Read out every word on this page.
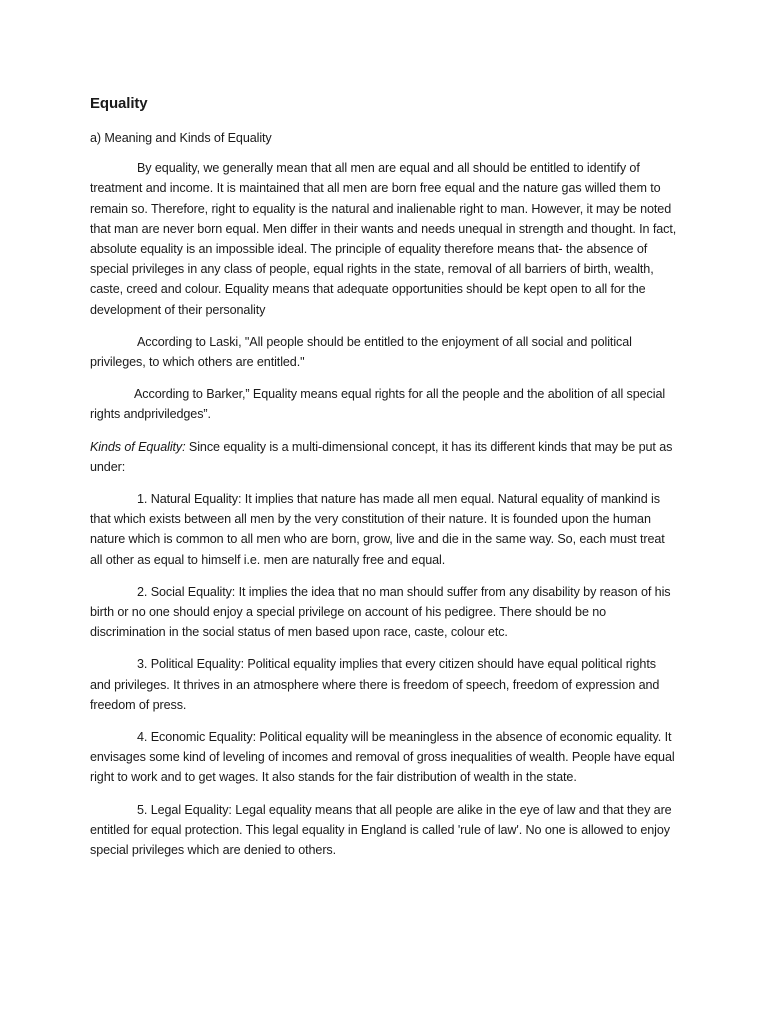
Equality
a) Meaning and Kinds of Equality

By equality, we generally mean that all men are equal and all should be entitled to identify of treatment and income. It is maintained that all men are born free equal and the nature gas willed them to remain so. Therefore, right to equality is the natural and inalienable right to man. However, it may be noted that man are never born equal. Men differ in their wants and needs unequal in strength and thought. In fact, absolute equality is an impossible ideal. The principle of equality therefore means that- the absence of special privileges in any class of people, equal rights in the state, removal of all barriers of birth, wealth, caste, creed and colour. Equality means that adequate opportunities should be kept open to all for the development of their personality

According to Laski, "All people should be entitled to the enjoyment of all social and political privileges, to which others are entitled."

According to Barker,” Equality means equal rights for all the people and the abolition of all special rights andpriviledges”.

Kinds of Equality: Since equality is a multi-dimensional concept, it has its different kinds that may be put as under:

1. Natural Equality: It implies that nature has made all men equal. Natural equality of mankind is that which exists between all men by the very constitution of their nature. It is founded upon the human nature which is common to all men who are born, grow, live and die in the same way. So, each must treat all other as equal to himself i.e. men are naturally free and equal.

2. Social Equality: It implies the idea that no man should suffer from any disability by reason of his birth or no one should enjoy a special privilege on account of his pedigree. There should be no discrimination in the social status of men based upon race, caste, colour etc.

3. Political Equality: Political equality implies that every citizen should have equal political rights and privileges. It thrives in an atmosphere where there is freedom of speech, freedom of expression and freedom of press.

4. Economic Equality: Political equality will be meaningless in the absence of economic equality. It envisages some kind of leveling of incomes and removal of gross inequalities of wealth. People have equal right to work and to get wages. It also stands for the fair distribution of wealth in the state.

5. Legal Equality: Legal equality means that all people are alike in the eye of law and that they are entitled for equal protection. This legal equality in England is called 'rule of law'. No one is allowed to enjoy special privileges which are denied to others.
